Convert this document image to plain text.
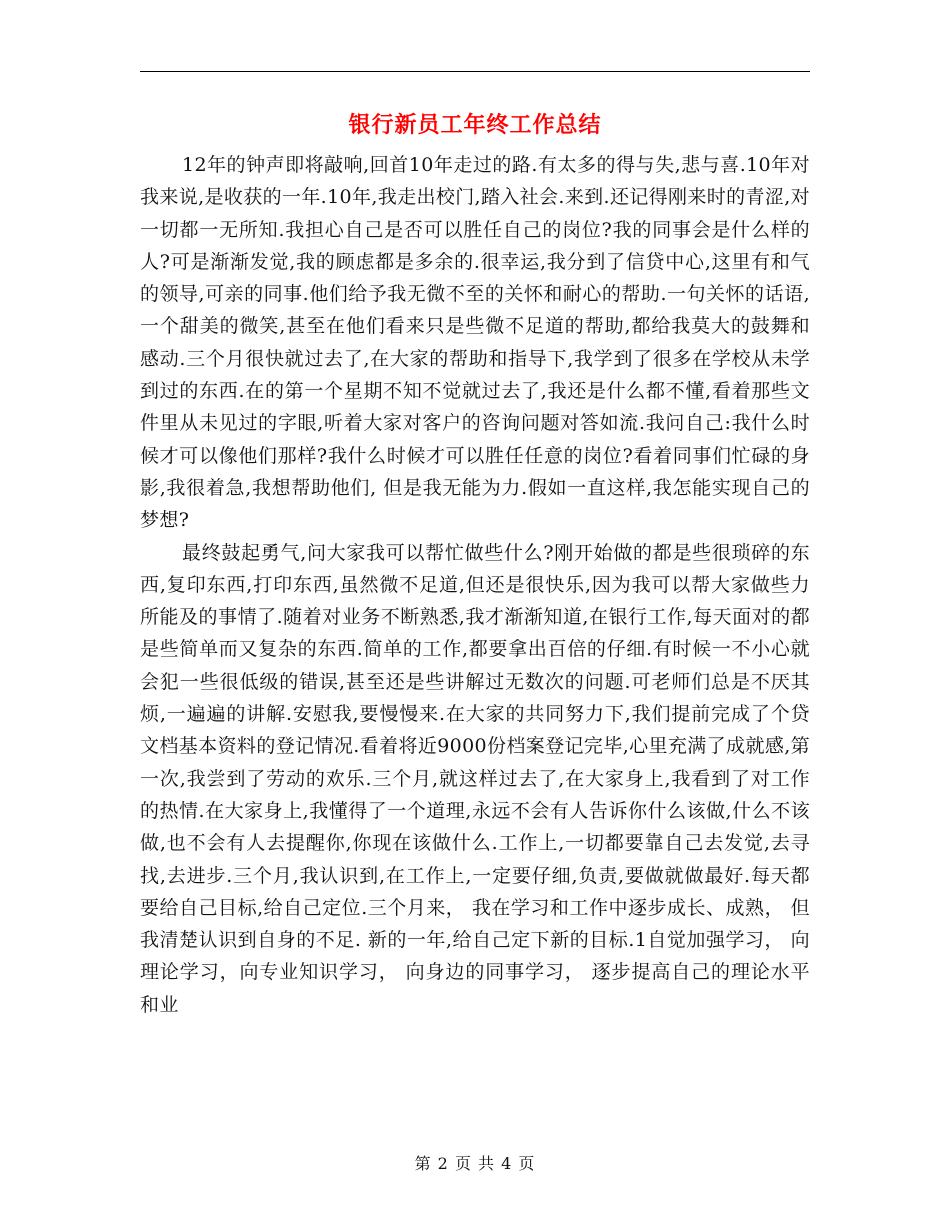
银行新员工年终工作总结

12年的钟声即将敲响,回首10年走过的路.有太多的得与失,悲与喜.10年对我来说,是收获的一年.10年,我走出校门,踏入社会.来到.还记得刚来时的青涩,对一切都一无所知.我担心自己是否可以胜任自己的岗位?我的同事会是什么样的人?可是渐渐发觉,我的顾虑都是多余的.很幸运,我分到了信贷中心,这里有和气的领导,可亲的同事.他们给予我无微不至的关怀和耐心的帮助.一句关怀的话语,一个甜美的微笑,甚至在他们看来只是些微不足道的帮助,都给我莫大的鼓舞和感动.三个月很快就过去了,在大家的帮助和指导下,我学到了很多在学校从未学到过的东西.在的第一个星期不知不觉就过去了,我还是什么都不懂,看着那些文件里从未见过的字眼,听着大家对客户的咨询问题对答如流.我问自己:我什么时候才可以像他们那样?我什么时候才可以胜任任意的岗位?看着同事们忙碌的身影,我很着急,我想帮助他们, 但是我无能为力.假如一直这样,我怎能实现自己的梦想?

最终鼓起勇气,问大家我可以帮忙做些什么?刚开始做的都是些很琐碎的东西,复印东西,打印东西,虽然微不足道,但还是很快乐,因为我可以帮大家做些力所能及的事情了.随着对业务不断熟悉,我才渐渐知道,在银行工作,每天面对的都是些简单而又复杂的东西.简单的工作,都要拿出百倍的仔细.有时候一不小心就会犯一些很低级的错误,甚至还是些讲解过无数次的问题.可老师们总是不厌其烦,一遍遍的讲解.安慰我,要慢慢来.在大家的共同努力下,我们提前完成了个贷文档基本资料的登记情况.看着将近9000份档案登记完毕,心里充满了成就感,第一次,我尝到了劳动的欢乐.三个月,就这样过去了,在大家身上,我看到了对工作的热情.在大家身上,我懂得了一个道理,永远不会有人告诉你什么该做,什么不该做,也不会有人去提醒你,你现在该做什么.工作上,一切都要靠自己去发觉,去寻找,去进步.三个月,我认识到,在工作上,一定要仔细,负责,要做就做最好.每天都要给自己目标,给自己定位.三个月来， 我在学习和工作中逐步成长、成熟， 但我清楚认识到自身的不足. 新的一年,给自己定下新的目标.1自觉加强学习， 向理论学习，向专业知识学习， 向身边的同事学习， 逐步提高自己的理论水平和业

第 2 页 共 4 页
